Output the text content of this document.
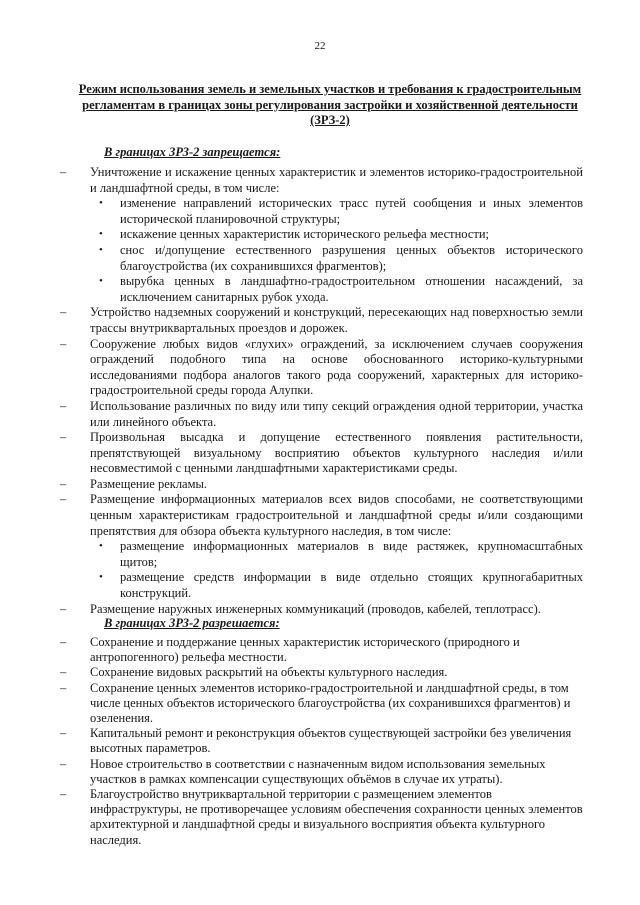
22

Режим использования земель и земельных участков и требования к градостроительным регламентам в границах зоны регулирования застройки и хозяйственной деятельности (ЗРЗ-2)

В границах ЗРЗ-2 запрещается:

– Уничтожение и искажение ценных характеристик и элементов историко-градостроительной и ландшафтной среды, в том числе:
• изменение направлений исторических трасс путей сообщения и иных элементов исторической планировочной структуры;
• искажение ценных характеристик исторического рельефа местности;
• снос и/допущение естественного разрушения ценных объектов исторического благоустройства (их сохранившихся фрагментов);
• вырубка ценных в ландшафтно-градостроительном отношении насаждений, за исключением санитарных рубок ухода.
– Устройство надземных сооружений и конструкций, пересекающих над поверхностью земли трассы внутриквартальных проездов и дорожек.
– Сооружение любых видов «глухих» ограждений, за исключением случаев сооружения ограждений подобного типа на основе обоснованного историко-культурными исследованиями подбора аналогов такого рода сооружений, характерных для историко-градостроительной среды города Алупки.
– Использование различных по виду или типу секций ограждения одной территории, участка или линейного объекта.
– Произвольная высадка и допущение естественного появления растительности, препятствующей визуальному восприятию объектов культурного наследия и/или несовместимой с ценными ландшафтными характеристиками среды.
– Размещение рекламы.
– Размещение информационных материалов всех видов способами, не соответствующими ценным характеристикам градостроительной и ландшафтной среды и/или создающими препятствия для обзора объекта культурного наследия, в том числе:
• размещение информационных материалов в виде растяжек, крупномасштабных щитов;
• размещение средств информации в виде отдельно стоящих крупногабаритных конструкций.
– Размещение наружных инженерных коммуникаций (проводов, кабелей, теплотрасс).

В границах ЗРЗ-2 разрешается:

– Сохранение и поддержание ценных характеристик исторического (природного и антропогенного) рельефа местности.
– Сохранение видовых раскрытий на объекты культурного наследия.
– Сохранение ценных элементов историко-градостроительной и ландшафтной среды, в том числе ценных объектов исторического благоустройства (их сохранившихся фрагментов) и озеленения.
– Капитальный ремонт и реконструкция объектов существующей застройки без увеличения высотных параметров.
– Новое строительство в соответствии с назначенным видом использования земельных участков в рамках компенсации существующих объёмов в случае их утраты).
– Благоустройство внутриквартальной территории с размещением элементов инфраструктуры, не противоречащее условиям обеспечения сохранности ценных элементов архитектурной и ландшафтной среды и визуального восприятия объекта культурного наследия.
